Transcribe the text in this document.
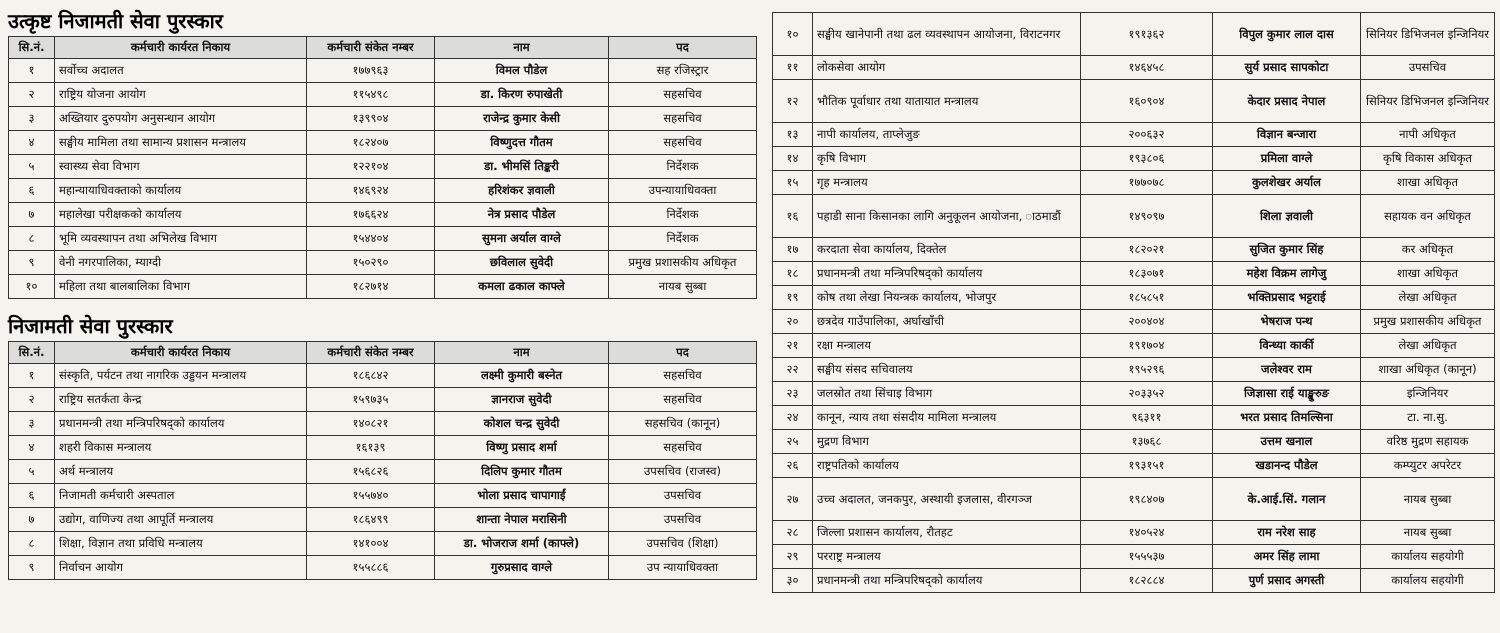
उत्कृष्ट निजामती सेवा पुरस्कार
सि.नं.	कर्मचारी कार्यरत निकाय	कर्मचारी संकेत नम्बर	नाम	पद
१	सर्वोच्च अदालत	१७७९६३	विमल पौडेल	सह रजिस्ट्रार
२	राष्ट्रिय योजना आयोग	११५४९८	डा. किरण रुपाखेती	सहसचिव
३	अख्तियार दुरुपयोग अनुसन्धान आयोग	१३९९०४	राजेन्द्र कुमार केसी	सहसचिव
४	सङ्घीय मामिला तथा सामान्य प्रशासन मन्त्रालय	१८२४०७	विष्णुदत्त गौतम	सहसचिव
५	स्वास्थ्य सेवा विभाग	१२२१०४	डा. भीमसिं तिङ्करी	निर्देशक
६	महान्यायाधिवक्ताको कार्यालय	१४६९२४	हरिशंकर ज्ञवाली	उपन्यायाधिवक्ता
७	महालेखा परीक्षकको कार्यालय	१७६६२४	नेत्र प्रसाद पौडेल	निर्देशक
८	भूमि व्यवस्थापन तथा अभिलेख विभाग	१५४४०४	सुमना अर्याल वाग्ले	निर्देशक
९	वेनी नगरपालिका, म्याग्दी	१५०२९०	छविलाल सुवेदी	प्रमुख प्रशासकीय अधिकृत
१०	महिला तथा बालबालिका विभाग	१८२७१४	कमला ढकाल काफ्ले	नायब सुब्बा
निजामती सेवा पुरस्कार
सि.नं.	कर्मचारी कार्यरत निकाय	कर्मचारी संकेत नम्बर	नाम	पद
१	संस्कृति, पर्यटन तथा नागरिक उड्डयन मन्त्रालय	१८६८४२	लक्ष्मी कुमारी बस्नेत	सहसचिव
२	राष्ट्रिय सतर्कता केन्द्र	१५९७३५	ज्ञानराज सुवेदी	सहसचिव
३	प्रधानमन्त्री तथा मन्त्रिपरिषद्को कार्यालय	१४०८२१	कोशल चन्द्र सुवेदी	सहसचिव (कानून)
४	शहरी विकास मन्त्रालय	१६१३९	विष्णु प्रसाद शर्मा	सहसचिव
५	अर्थ मन्त्रालय	१५६८२६	दिलिप कुमार गौतम	उपसचिव (राजस्व)
६	निजामती कर्मचारी अस्पताल	१५५७४०	भोला प्रसाद चापागाईं	उपसचिव
७	उद्योग, वाणिज्य तथा आपूर्ति मन्त्रालय	१८६४९९	शान्ता नेपाल मरासिनी	उपसचिव
८	शिक्षा, विज्ञान तथा प्रविधि मन्त्रालय	१४१००४	डा. भोजराज शर्मा (काफ्ले)	उपसचिव (शिक्षा)
९	निर्वाचन आयोग	१५५८८६	गुरुप्रसाद वाग्ले	उप न्यायाधिवक्ता
१०	सङ्घीय खानेपानी तथा ढल व्यवस्थापन आयोजना, विराटनगर	१९१३६२	विपुल कुमार लाल दास	सिनियर डिभिजनल इन्जिनियर
११	लोकसेवा आयोग	१४६४५८	सुर्य प्रसाद सापकोटा	उपसचिव
१२	भौतिक पूर्वाधार तथा यातायात मन्त्रालय	१६०९०४	केदार प्रसाद नेपाल	सिनियर डिभिजनल इन्जिनियर
१३	नापी कार्यालय, ताप्लेजुङ	२००६३२	विज्ञान बन्जारा	नापी अधिकृत
१४	कृषि विभाग	१९३८०६	प्रमिला वाग्ले	कृषि विकास अधिकृत
१५	गृह मन्त्रालय	१७७०७८	कुलशेखर अर्याल	शाखा अधिकृत
१६	पहाडी साना किसानका लागि अनुकूलन आयोजना, ाठमाडौं	१४९०९७	शिला ज्ञवाली	सहायक वन अधिकृत
१७	करदाता सेवा कार्यालय, दिक्तेल	१८२०२१	सुजित कुमार सिंह	कर अधिकृत
१८	प्रधानमन्त्री तथा मन्त्रिपरिषद्को कार्यालय	१८३०७१	महेश विक्रम लागेजु	शाखा अधिकृत
१९	कोष तथा लेखा नियन्त्रक कार्यालय, भोजपुर	१८५८५१	भक्तिप्रसाद भट्टराई	लेखा अधिकृत
२०	छत्रदेव गाउँपालिका, अर्घाखाँची	२००४०४	भेषराज पन्थ	प्रमुख प्रशासकीय अधिकृत
२१	रक्षा मन्त्रालय	१९१७०४	विन्ध्या कार्की	लेखा अधिकृत
२२	सङ्घीय संसद सचिवालय	१९५२९६	जलेश्वर राम	शाखा अधिकृत (कानून)
२३	जलस्रोत तथा सिंचाइ विभाग	२०३३५२	जिज्ञासा राई याङ्खुरुङ	इन्जिनियर
२४	कानून, न्याय तथा संसदीय मामिला मन्त्रालय	९६३११	भरत प्रसाद तिमल्सिना	टा. ना.सु.
२५	मुद्रण विभाग	१३७६८	उत्तम खनाल	वरिष्ठ मुद्रण सहायक
२६	राष्ट्रपतिको कार्यालय	१९३१५१	खडानन्द पौडेल	कम्प्युटर अपरेटर
२७	उच्च अदालत, जनकपुर, अस्थायी इजलास, वीरगञ्ज	१९८४०७	के.आई.सिं. गलान	नायब सुब्बा
२८	जिल्ला प्रशासन कार्यालय, रौतहट	१४०५२४	राम नरेश साह	नायब सुब्बा
२९	परराष्ट्र मन्त्रालय	१५५५३७	अमर सिंह लामा	कार्यालय सहयोगी
३०	प्रधानमन्त्री तथा मन्त्रिपरिषद्को कार्यालय	१८२८८४	पुर्ण प्रसाद अगस्ती	कार्यालय सहयोगी
